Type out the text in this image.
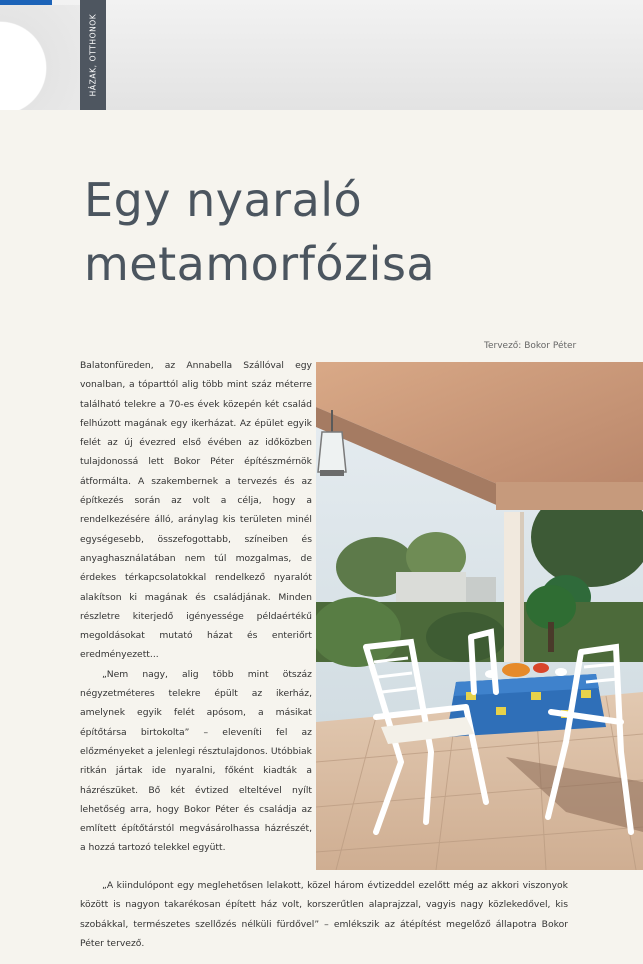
HÁZAK, OTTHONOK
Egy nyaraló
metamorfózisa
Tervező: Bokor Péter

Balatonfüreden, az Annabella Szállóval egy vonalban, a tóparttól alig több mint száz méterre található telekre a 70-es évek közepén két család felhúzott magának egy ikerházat. Az épület egyik felét az új évezred első évében az időközben tulajdonossá lett Bokor Péter építészmérnök átformálta. A szakembernek a tervezés és az építkezés során az volt a célja, hogy a rendelkezésére álló, aránylag kis területen minél egységesebb, összefogottabb, színeiben és anyaghasználatában nem túl mozgalmas, de érdekes térkapcsolatokkal rendelkező nyaralót alakítson ki magának és családjának. Minden részletre kiterjedő igényessége példaértékű megoldásokat mutató házat és enteriőrt eredményezett...

„Nem nagy, alig több mint ötszáz négyzetméteres telekre épült az ikerház, amelynek egyik felét apósom, a másikat építőtársa birtokolta” – eleveníti fel az előzményeket a jelenlegi résztulajdonos. Utóbbiak ritkán jártak ide nyaralni, főként kiadták a házrészüket. Bő két évtized elteltével nyílt lehetőség arra, hogy Bokor Péter és családja az említett építőtárstól megvásárolhassa házrészét, a hozzá tartozó telekkel együtt.

„A kiindulópont egy meglehetősen lelakott, közel három évtizeddel ezelőtt még az akkori viszonyok között is nagyon takarékosan épített ház volt, korszerűtlen alaprajzzal, vagyis nagy közlekedővel, kis szobákkal, természetes szellőzés nélküli fürdővel” – emlékszik az átépítést megelőző állapotra Bokor Péter tervező.
